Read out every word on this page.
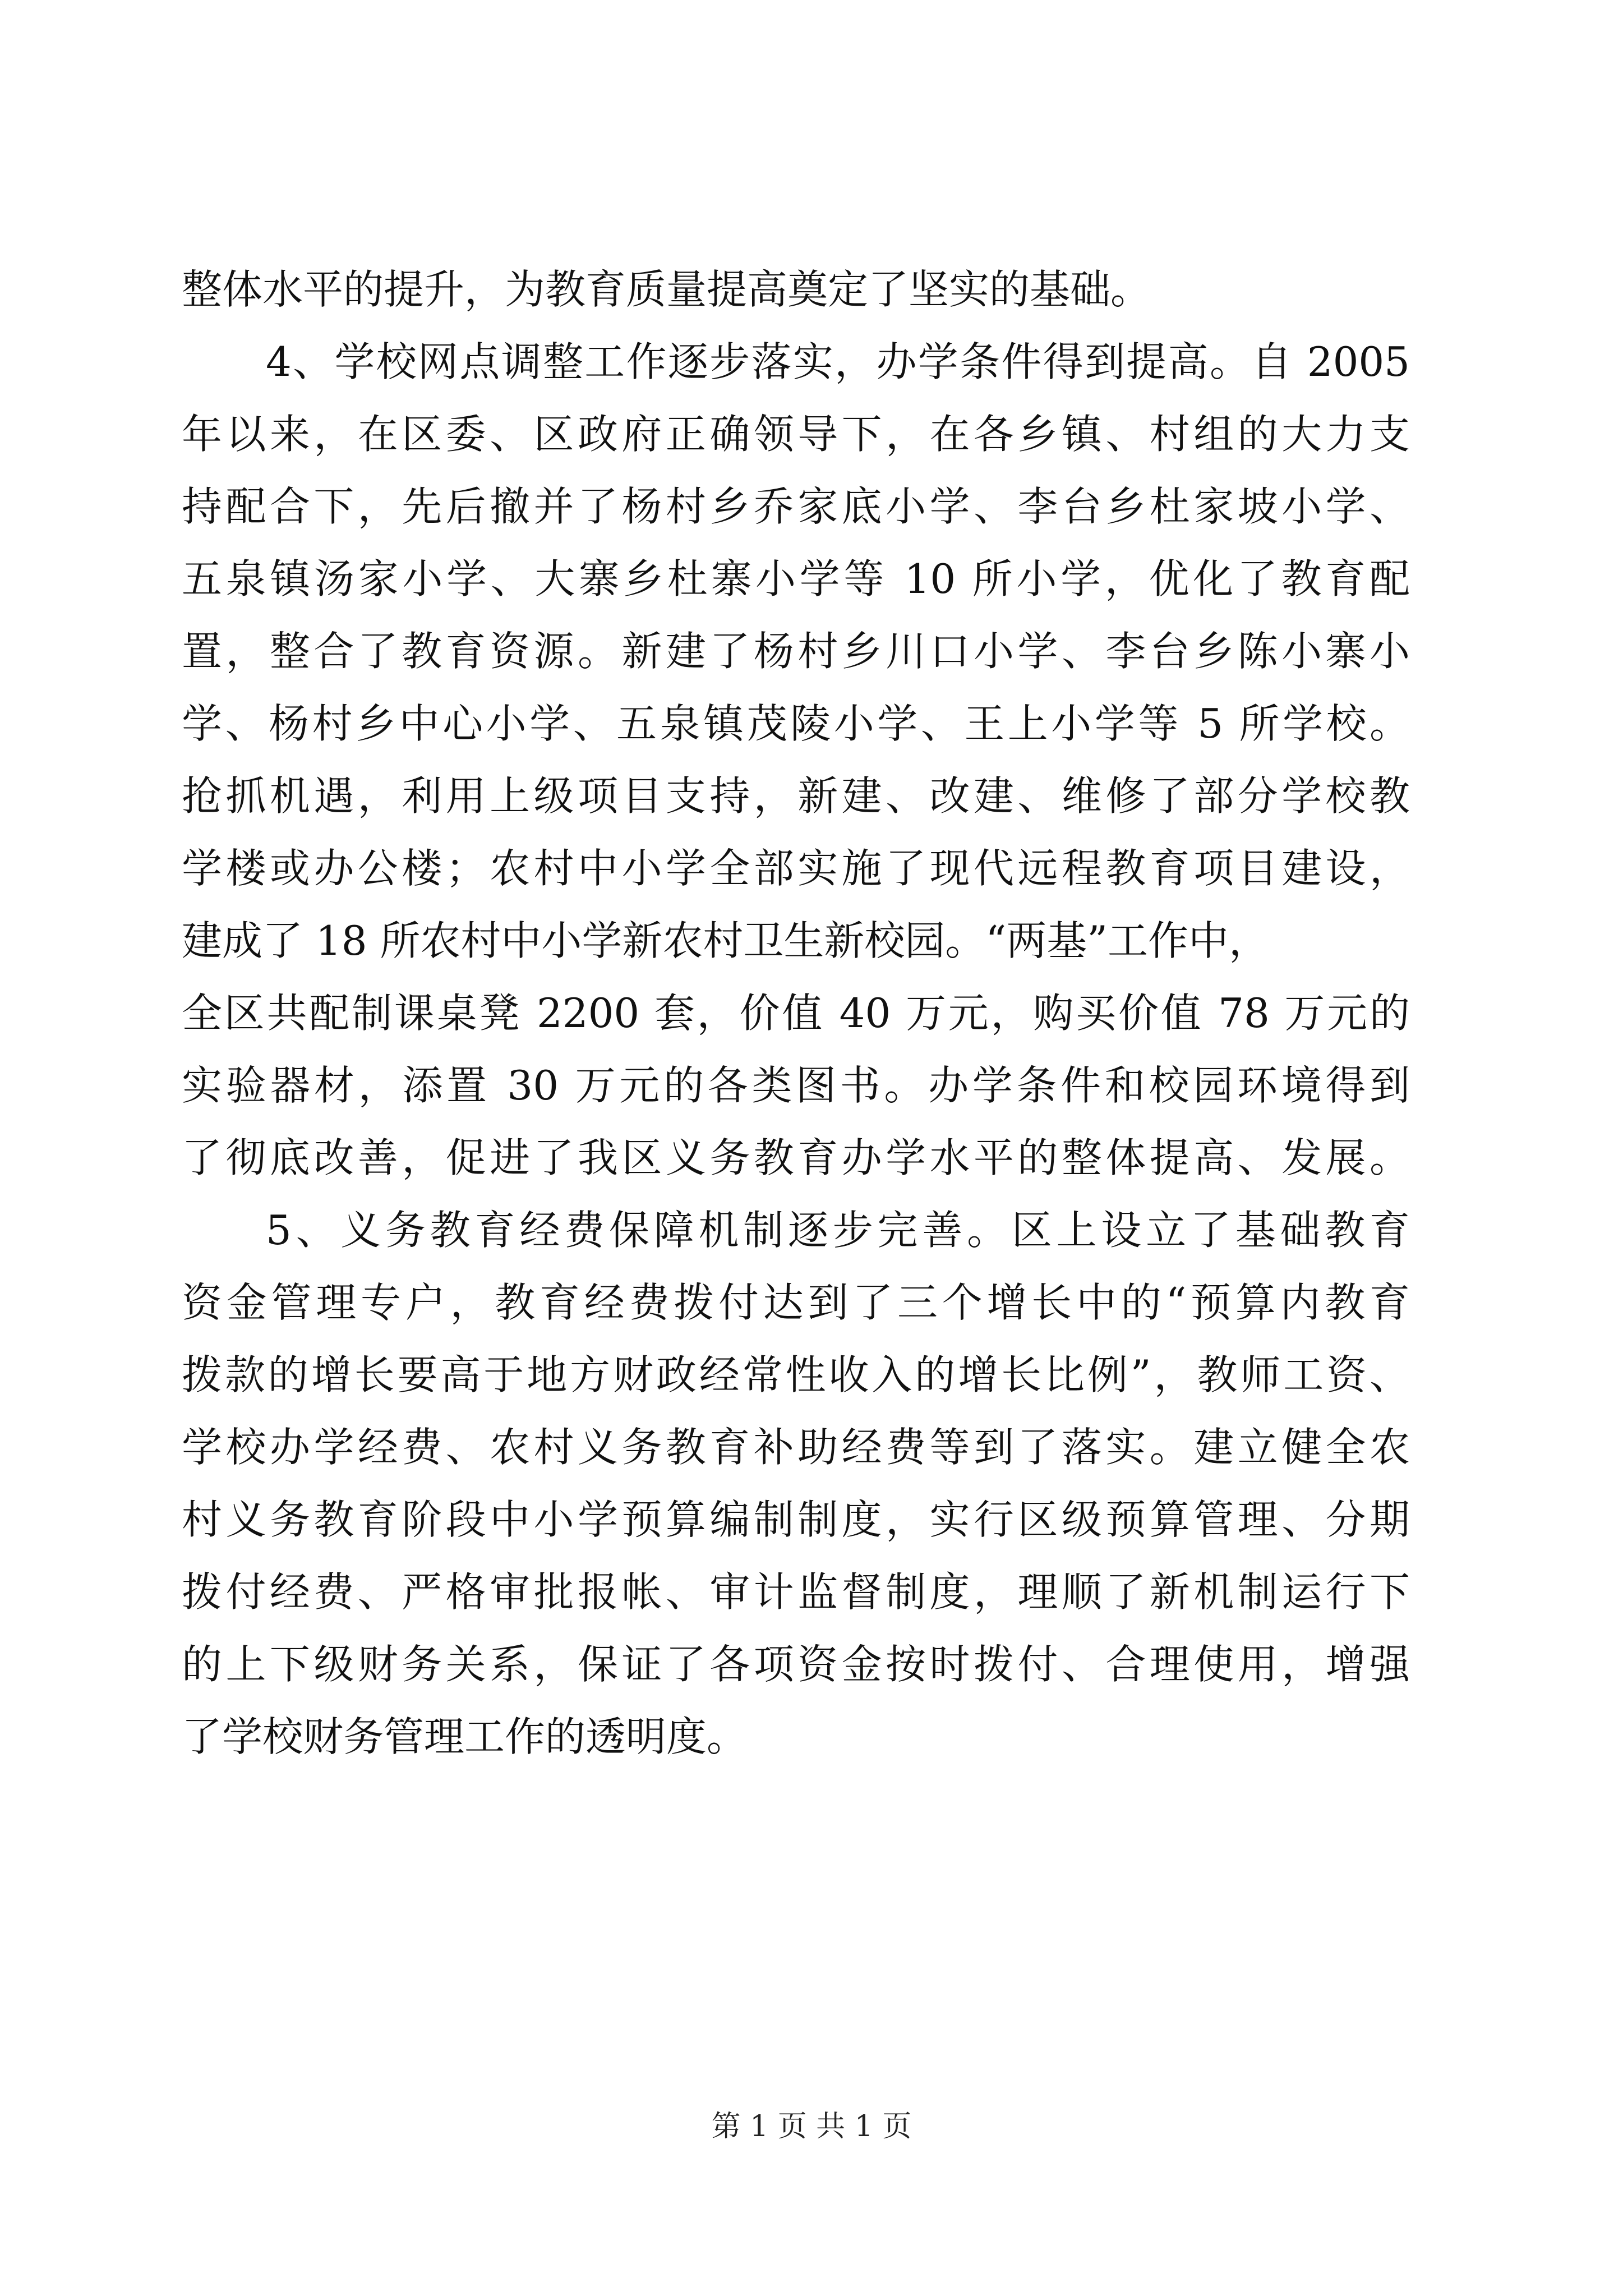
整体水平的提升，为教育质量提高奠定了坚实的基础。
4、学校网点调整工作逐步落实，办学条件得到提高。自 2005
年以来，在区委、区政府正确领导下，在各乡镇、村组的大力支
持配合下，先后撤并了杨村乡乔家底小学、李台乡杜家坡小学、
五泉镇汤家小学、大寨乡杜寨小学等 10 所小学，优化了教育配
置，整合了教育资源。新建了杨村乡川口小学、李台乡陈小寨小
学、杨村乡中心小学、五泉镇茂陵小学、王上小学等 5 所学校。
抢抓机遇，利用上级项目支持，新建、改建、维修了部分学校教
学楼或办公楼；农村中小学全部实施了现代远程教育项目建设，
建成了 18 所农村中小学新农村卫生新校园。“两基”工作中，
全区共配制课桌凳 2200 套，价值 40 万元，购买价值 78 万元的
实验器材，添置 30 万元的各类图书。办学条件和校园环境得到
了彻底改善，促进了我区义务教育办学水平的整体提高、发展。
5、义务教育经费保障机制逐步完善。区上设立了基础教育
资金管理专户，教育经费拨付达到了三个增长中的“预算内教育
拨款的增长要高于地方财政经常性收入的增长比例”，教师工资、
学校办学经费、农村义务教育补助经费等到了落实。建立健全农
村义务教育阶段中小学预算编制制度，实行区级预算管理、分期
拨付经费、严格审批报帐、审计监督制度，理顺了新机制运行下
的上下级财务关系，保证了各项资金按时拨付、合理使用，增强
了学校财务管理工作的透明度。
第 1 页 共 1 页
